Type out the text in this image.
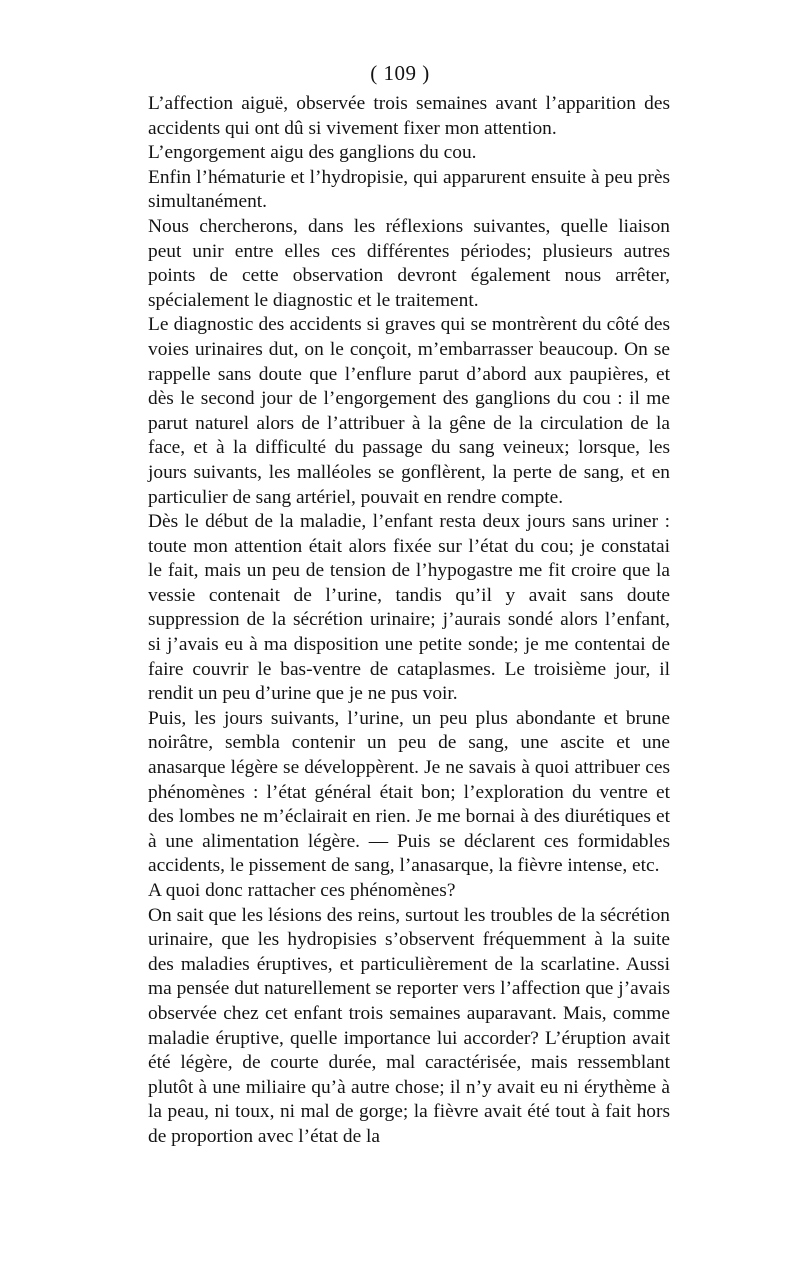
( 109 )

L’affection aiguë, observée trois semaines avant l’apparition des accidents qui ont dû si vivement fixer mon attention.

L’engorgement aigu des ganglions du cou.

Enfin l’hématurie et l’hydropisie, qui apparurent ensuite à peu près simultanément.

Nous chercherons, dans les réflexions suivantes, quelle liaison peut unir entre elles ces différentes périodes; plusieurs autres points de cette observation devront également nous arrêter, spécialement le diagnostic et le traitement.

Le diagnostic des accidents si graves qui se montrèrent du côté des voies urinaires dut, on le conçoit, m’embarrasser beaucoup. On se rappelle sans doute que l’enflure parut d’abord aux paupières, et dès le second jour de l’engorgement des ganglions du cou : il me parut naturel alors de l’attribuer à la gêne de la circulation de la face, et à la difficulté du passage du sang veineux; lorsque, les jours suivants, les malléoles se gonflèrent, la perte de sang, et en particulier de sang artériel, pouvait en rendre compte.

Dès le début de la maladie, l’enfant resta deux jours sans uriner : toute mon attention était alors fixée sur l’état du cou; je constatai le fait, mais un peu de tension de l’hypogastre me fit croire que la vessie contenait de l’urine, tandis qu’il y avait sans doute suppression de la sécrétion urinaire; j’aurais sondé alors l’enfant, si j’avais eu à ma disposition une petite sonde; je me contentai de faire couvrir le bas-ventre de cataplasmes. Le troisième jour, il rendit un peu d’urine que je ne pus voir.

Puis, les jours suivants, l’urine, un peu plus abondante et brune noirâtre, sembla contenir un peu de sang, une ascite et une anasarque légère se développèrent. Je ne savais à quoi attribuer ces phénomènes : l’état général était bon; l’exploration du ventre et des lombes ne m’éclairait en rien. Je me bornai à des diurétiques et à une alimentation légère. — Puis se déclarent ces formidables accidents, le pissement de sang, l’anasarque, la fièvre intense, etc.

A quoi donc rattacher ces phénomènes?

On sait que les lésions des reins, surtout les troubles de la sécrétion urinaire, que les hydropisies s’observent fréquemment à la suite des maladies éruptives, et particulièrement de la scarlatine. Aussi ma pensée dut naturellement se reporter vers l’affection que j’avais observée chez cet enfant trois semaines auparavant. Mais, comme maladie éruptive, quelle importance lui accorder? L’éruption avait été légère, de courte durée, mal caractérisée, mais ressemblant plutôt à une miliaire qu’à autre chose; il n’y avait eu ni érythème à la peau, ni toux, ni mal de gorge; la fièvre avait été tout à fait hors de proportion avec l’état de la
